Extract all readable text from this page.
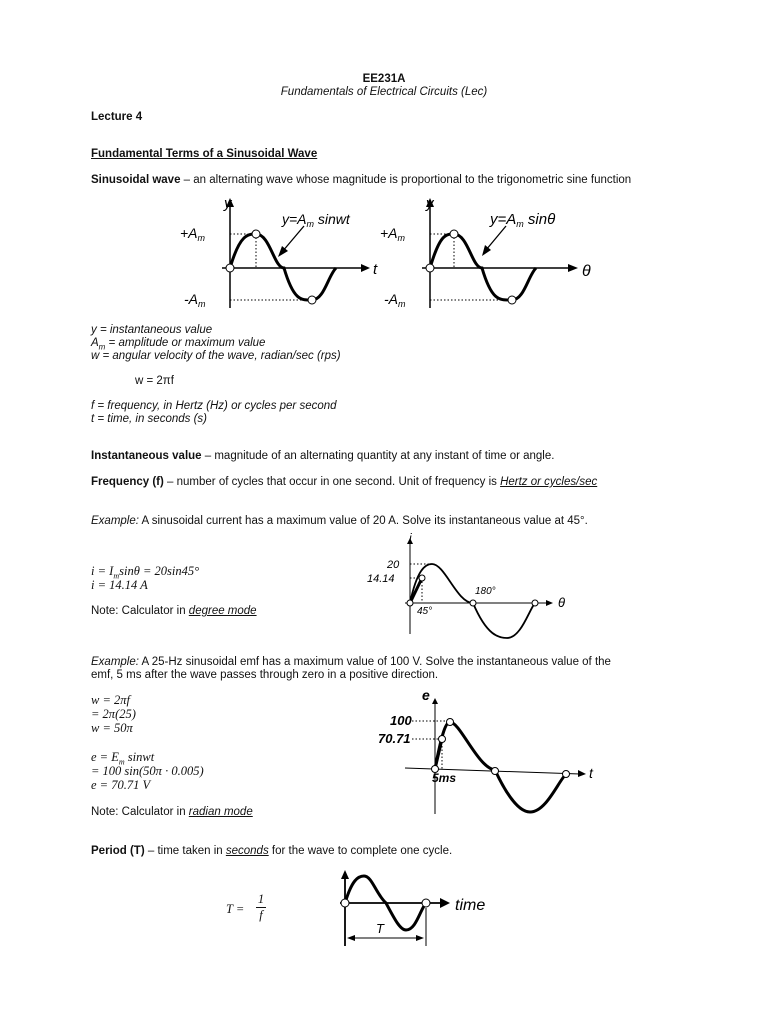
EE231A
Fundamentals of Electrical Circuits (Lec)
Lecture 4
Fundamental Terms of a Sinusoidal Wave
Sinusoidal wave – an alternating wave whose magnitude is proportional to the trigonometric sine function
y
$+A_m$
$-A_m$
$y=A_m$ sinwt
t
y
$+A_m$
$-A_m$
$y=A_m$ sinθ
θ
y = instantaneous value
$A_m$ = amplitude or maximum value
w = angular velocity of the wave, radian/sec (rps)
w = 2πf
f = frequency, in Hertz (Hz) or cycles per second
t = time, in seconds (s)
Instantaneous value – magnitude of an alternating quantity at any instant of time or angle.
Frequency (f) – number of cycles that occur in one second. Unit of frequency is Hertz or cycles/sec
Example: A sinusoidal current has a maximum value of 20 A. Solve its instantaneous value at 45°.
$i = I_m\sin\theta = 20\sin 45^\circ$
i = 14.14 A
Note: Calculator in degree mode
i
20
14.14
45°
180°
θ
Example: A 25-Hz sinusoidal emf has a maximum value of 100 V. Solve the instantaneous value of the
emf, 5 ms after the wave passes through zero in a positive direction.
w = 2πf
= 2π(25)
w = 50π
$e = E_m$ sinwt
= 100 sin(50π · 0.005)
e = 70.71 V
Note: Calculator in radian mode
e
100
70.71
5ms	t
Period (T) – time taken in seconds for the wave to complete one cycle.
T =
1
f
time
T
